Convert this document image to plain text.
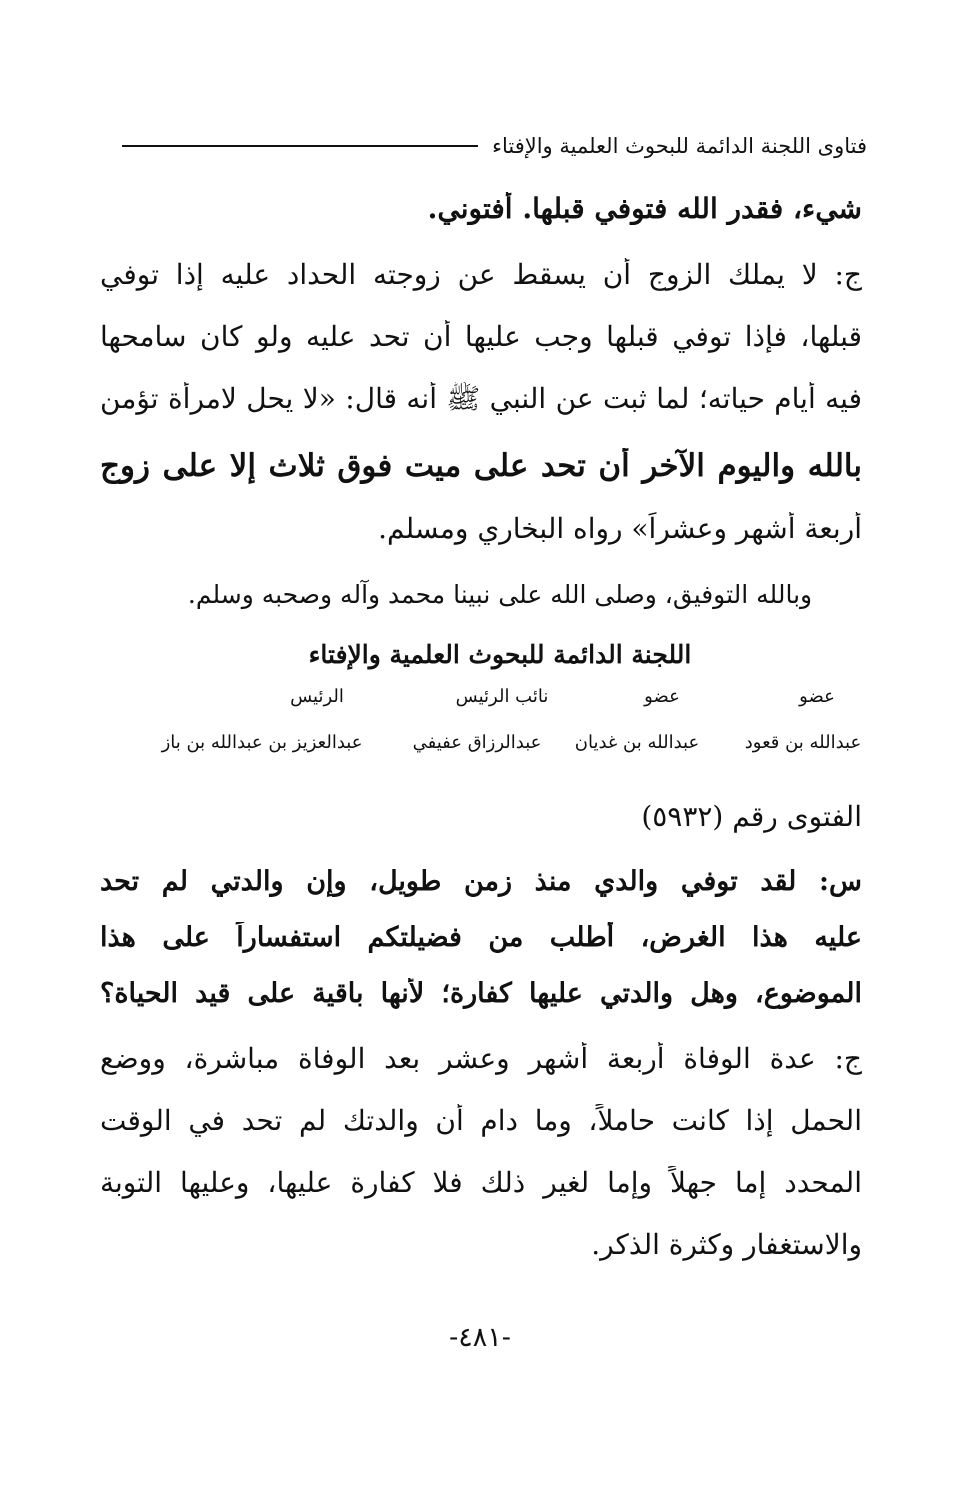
فتاوى اللجنة الدائمة للبحوث العلمية والإفتاء
شيء، فقدر الله فتوفي قبلها. أفتوني.
ج: لا يملك الزوج أن يسقط عن زوجته الحداد عليه إذا توفي
قبلها، فإذا توفي قبلها وجب عليها أن تحد عليه ولو كان سامحها
فيه أيام حياته؛ لما ثبت عن النبي ﷺ أنه قال: «لا يحل لامرأة تؤمن
بالله واليوم الآخر أن تحد على ميت فوق ثلاث إلا على زوج
أربعة أشهر وعشراً» رواه البخاري ومسلم.
وبالله التوفيق، وصلى الله على نبينا محمد وآله وصحبه وسلم.
اللجنة الدائمة للبحوث العلمية والإفتاء
عضو
عضو
نائب الرئيس
الرئيس
عبدالله بن قعود
عبدالله بن غديان
عبدالرزاق عفيفي
عبدالعزيز بن عبدالله بن باز
الفتوى رقم (٥٩٣٢)
س: لقد توفي والدي منذ زمن طويل، وإن والدتي لم تحد
عليه هذا الغرض، أطلب من فضيلتكم استفساراً على هذا
الموضوع، وهل والدتي عليها كفارة؛ لأنها باقية على قيد الحياة؟
ج: عدة الوفاة أربعة أشهر وعشر بعد الوفاة مباشرة، ووضع
الحمل إذا كانت حاملاً، وما دام أن والدتك لم تحد في الوقت
المحدد إما جهلاً وإما لغير ذلك فلا كفارة عليها، وعليها التوبة
والاستغفار وكثرة الذكر.
-٤٨١-
